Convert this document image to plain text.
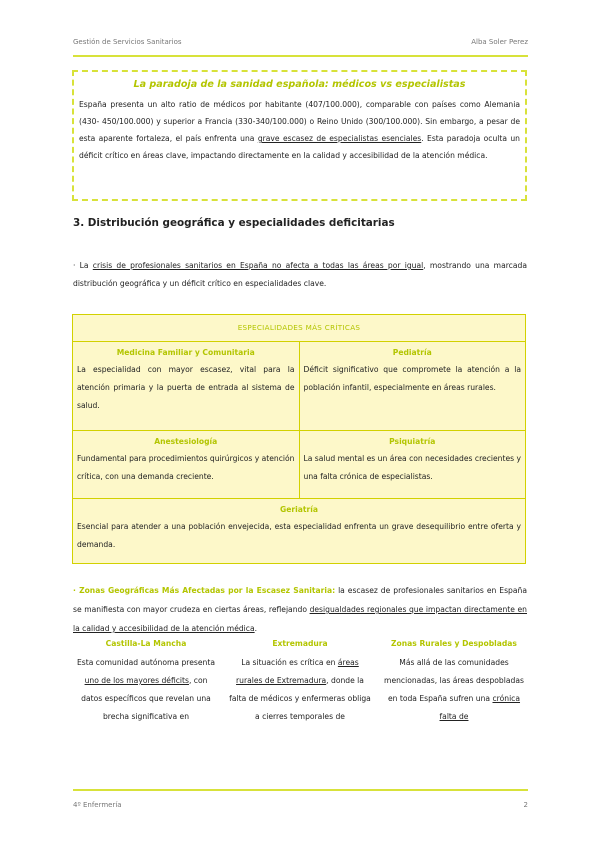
Gestión de Servicios Sanitarios	Alba Soler Perez
La paradoja de la sanidad española: médicos vs especialistas

España presenta un alto ratio de médicos por habitante (407/100.000), comparable con países como Alemania (430- 450/100.000) y superior a Francia (330-340/100.000) o Reino Unido (300/100.000). Sin embargo, a pesar de esta aparente fortaleza, el país enfrenta una grave escasez de especialistas esenciales. Esta paradoja oculta un déficit crítico en áreas clave, impactando directamente en la calidad y accesibilidad de la atención médica.

3. Distribución geográfica y especialidades deficitarias

· La crisis de profesionales sanitarios en España no afecta a todas las áreas por igual, mostrando una marcada distribución geográfica y un déficit crítico en especialidades clave.

ESPECIALIDADES MÁS CRÍTICAS
Medicina Familiar y Comunitaria

La especialidad con mayor escasez, vital para la atención primaria y la puerta de entrada al sistema de salud.

Pediatría

Déficit significativo que compromete la atención a la población infantil, especialmente en áreas rurales.

Anestesiología

Fundamental para procedimientos quirúrgicos y atención crítica, con una demanda creciente.

Psiquiatría

La salud mental es un área con necesidades crecientes y una falta crónica de especialistas.

Geriatría

Esencial para atender a una población envejecida, esta especialidad enfrenta un grave desequilibrio entre oferta y demanda.

· Zonas Geográficas Más Afectadas por la Escasez Sanitaria: la escasez de profesionales sanitarios en España se manifiesta con mayor crudeza en ciertas áreas, reflejando desigualdades regionales que impactan directamente en la calidad y accesibilidad de la atención médica.

Castilla-La Mancha

Esta comunidad autónoma presenta uno de los mayores déficits, con datos específicos que revelan una brecha significativa en

Extremadura

La situación es crítica en áreas rurales de Extremadura, donde la falta de médicos y enfermeras obliga a cierres temporales de

Zonas Rurales y Despobladas

Más allá de las comunidades mencionadas, las áreas despobladas en toda España sufren una crónica falta de

4º Enfermería	2
